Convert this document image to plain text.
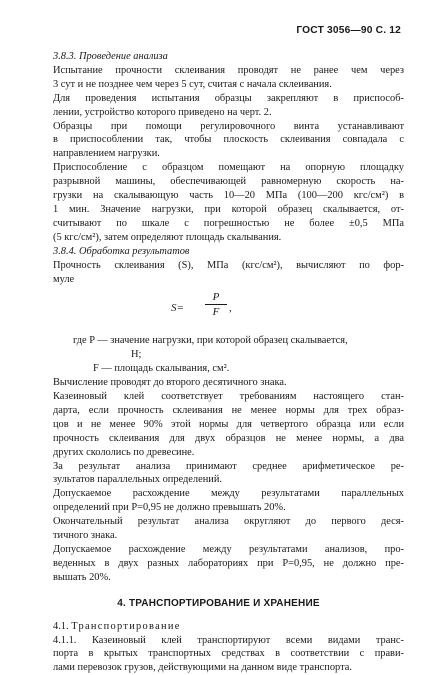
ГОСТ 3056—90 С. 12

3.8.3. Проведение анализа

Испытание прочности склеивания проводят не ранее чем через
3 сут и не позднее чем через 5 сут, считая с начала склеивания.

Для проведения испытания образцы закрепляют в приспособ-
лении, устройство которого приведено на черт. 2.

Образцы при помощи регулировочного винта устанавливают
в приспособлении так, чтобы плоскость склеивания совпадала с
направлением нагрузки.

Приспособление с образцом помещают на опорную площадку
разрывной машины, обеспечивающей равномерную скорость на-
грузки на скалывающую часть 10—20 МПа (100—200 кгс/см²) в
1 мин. Значение нагрузки, при которой образец скалывается, от-
считывают по шкале с погрешностью не более ±0,5 МПа
(5 кгс/см²), затем определяют площадь скалывания.

3.8.4. Обработка результатов

Прочность склеивания (S), МПа (кгс/см²), вычисляют по фор-
муле

$S= \frac{P}{F}$ ,
где P — значение нагрузки, при которой образец скалывается,
Н;
F — площадь скалывания, см².

Вычисление проводят до второго десятичного знака.

Казеиновый клей соответствует требованиям настоящего стан-
дарта, если прочность склеивания не менее нормы для трех образ-
цов и не менее 90% этой нормы для четвертого образца или если
прочность склеивания для двух образцов не менее нормы, а два
других скололись по древесине.

За результат анализа принимают среднее арифметическое ре-
зультатов параллельных определений.

Допускаемое расхождение между результатами параллельных
определений при P=0,95 не должно превышать 20%.

Окончательный результат анализа округляют до первого деся-
тичного знака.

Допускаемое расхождение между результатами анализов, про-
веденных в двух разных лабораториях при P=0,95, не должно пре-
вышать 20%.

4. ТРАНСПОРТИРОВАНИЕ И ХРАНЕНИЕ

4.1. Транспортирование

4.1.1. Казеиновый клей транспортируют всеми видами транс-
порта в крытых транспортных средствах в соответствии с прави-
лами перевозок грузов, действующими на данном виде транспорта.
